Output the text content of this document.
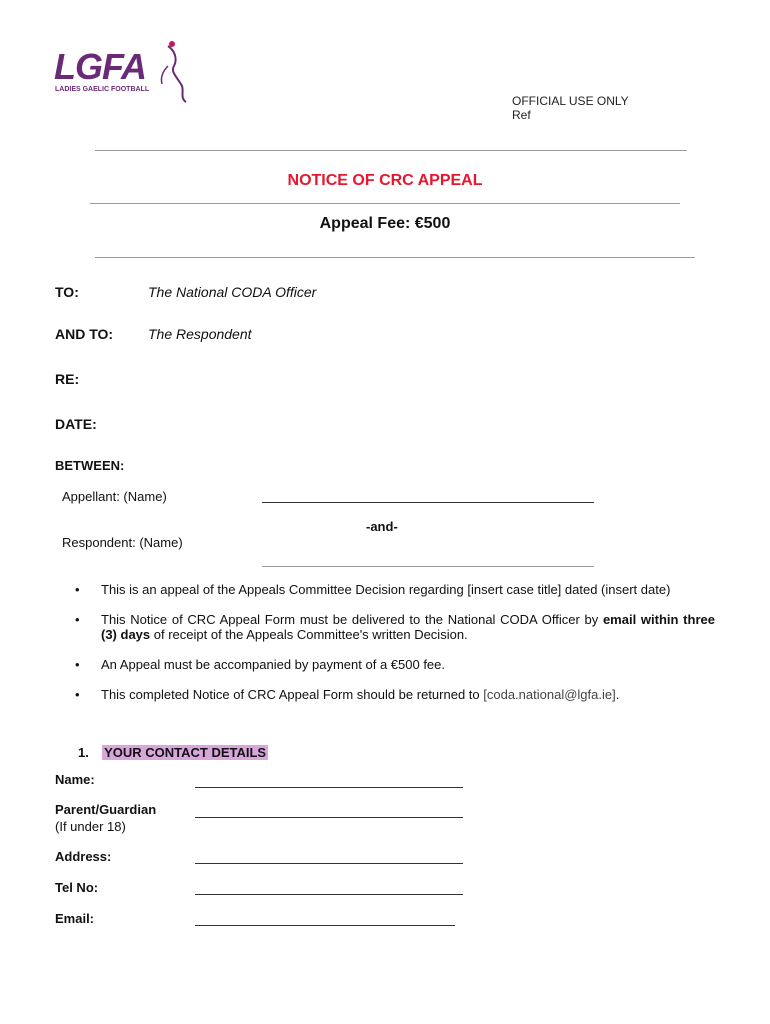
LGFA
LADIES GAELIC FOOTBALL
OFFICIAL USE ONLY
Ref
NOTICE OF CRC APPEAL
Appeal Fee: €500
TO:	The National CODA Officer
AND TO: The Respondent
RE:
DATE:
BETWEEN:
Appellant: (Name)
-and-
Respondent: (Name)
• This is an appeal of the Appeals Committee Decision regarding [insert case title] dated (insert date)
• This Notice of CRC Appeal Form must be delivered to the National CODA Officer by email within three (3) days of receipt of the Appeals Committee's written Decision.
• An Appeal must be accompanied by payment of a €500 fee.
• This completed Notice of CRC Appeal Form should be returned to [coda.national@lgfa.ie].
1. YOUR CONTACT DETAILS
Name:
Parent/Guardian
(If under 18)
Address:
Tel No:
Email:
